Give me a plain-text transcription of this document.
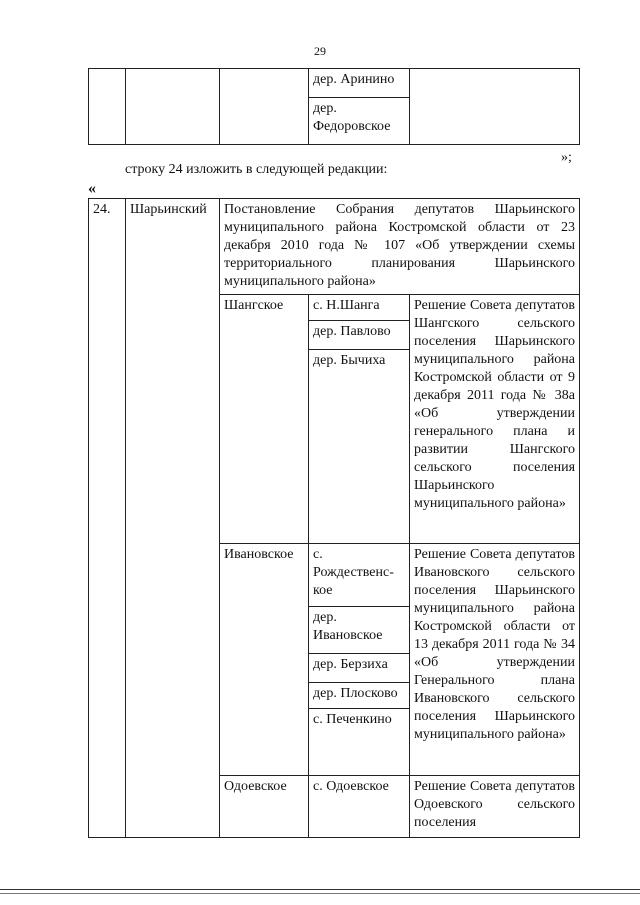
29

дер. Аринино

дер. Федоровское
»;
строку 24 изложить в следующей редакции:
«
24.	Шарьинский	Постановление Собрания депутатов Шарьинского муниципального района Костромской области от 23 декабря 2010 года № 107 «Об утверждении схемы территориального планирования Шарьинского муниципального района»		

		Шангское	с. Н.Шанга	Решение Совета депутатов Шангского сельского поселения Шарьинского муниципального района Костромской области от 9 декабря 2011 года № 38а «Об утверждении генерального плана и развитии Шангского сельского поселения Шарьинского муниципального района»

			дер. Павлово	

			дер. Бычиха	

		Ивановское	с. Рождественс-кое	Решение Совета депутатов Ивановского сельского поселения Шарьинского муниципального района Костромской области от 13 декабря 2011 года № 34 «Об утверждении Генерального плана Ивановского сельского поселения Шарьинского муниципального района»

			дер. Ивановское	

			дер. Берзиха	

			дер. Плосково	

			с. Печенкино	

		Одоевское	с. Одоевское	Решение Совета депутатов Одоевского сельского поселения
